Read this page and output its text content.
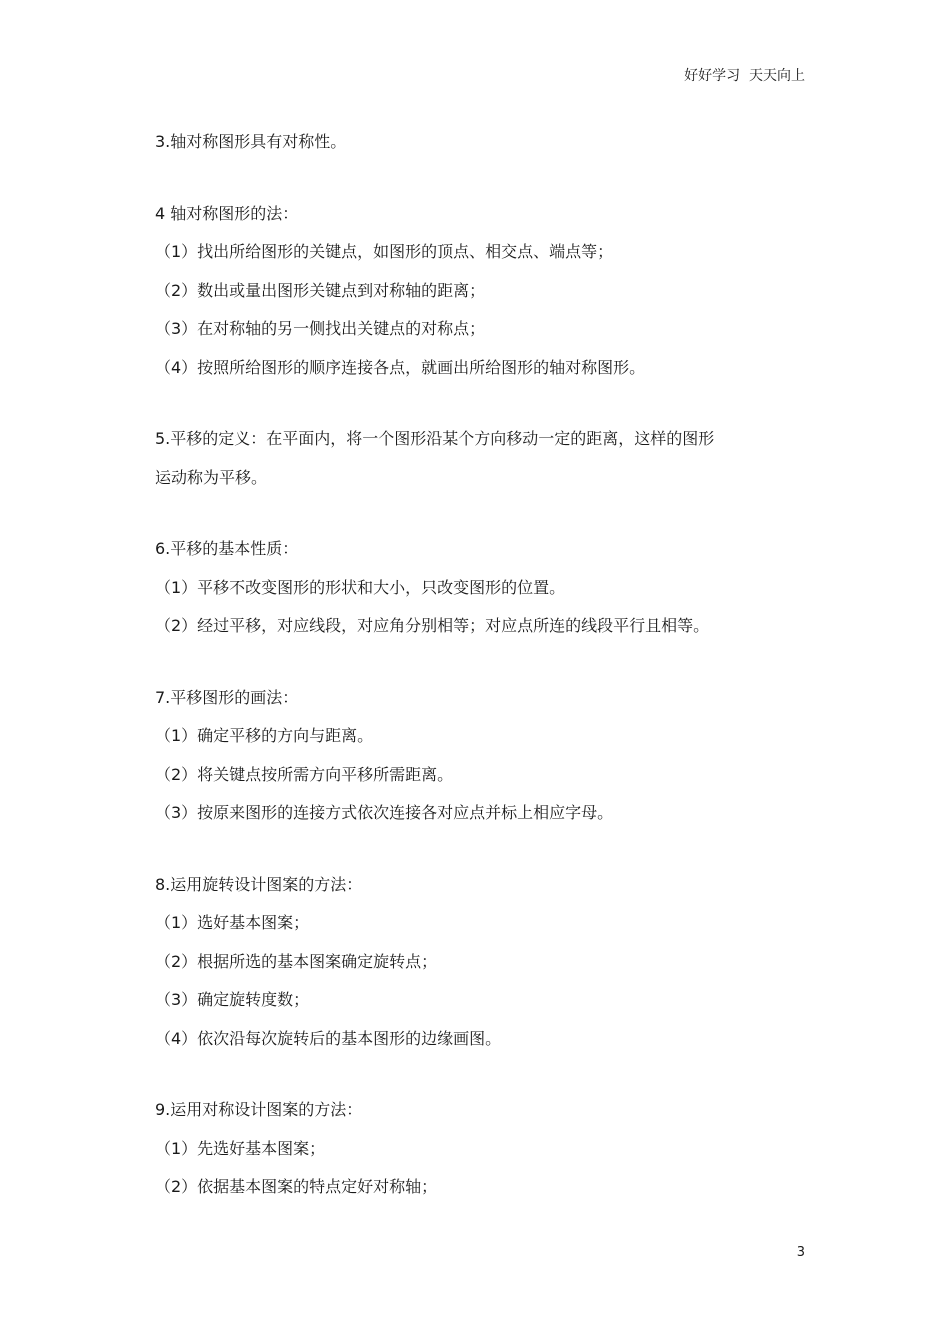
好好学习  天天向上
3.轴对称图形具有对称性。
4 轴对称图形的法：
（1）找出所给图形的关键点，如图形的顶点、相交点、端点等；
（2）数出或量出图形关键点到对称轴的距离；
（3）在对称轴的另一侧找出关键点的对称点；
（4）按照所给图形的顺序连接各点，就画出所给图形的轴对称图形。
5.平移的定义：在平面内，将一个图形沿某个方向移动一定的距离，这样的图形
运动称为平移。
6.平移的基本性质：
（1）平移不改变图形的形状和大小，只改变图形的位置。
（2）经过平移，对应线段，对应角分别相等；对应点所连的线段平行且相等。
7.平移图形的画法：
（1）确定平移的方向与距离。
（2）将关键点按所需方向平移所需距离。
（3）按原来图形的连接方式依次连接各对应点并标上相应字母。
8.运用旋转设计图案的方法：
（1）选好基本图案；
（2）根据所选的基本图案确定旋转点；
（3）确定旋转度数；
（4）依次沿每次旋转后的基本图形的边缘画图。
9.运用对称设计图案的方法：
（1）先选好基本图案；
（2）依据基本图案的特点定好对称轴；
3
